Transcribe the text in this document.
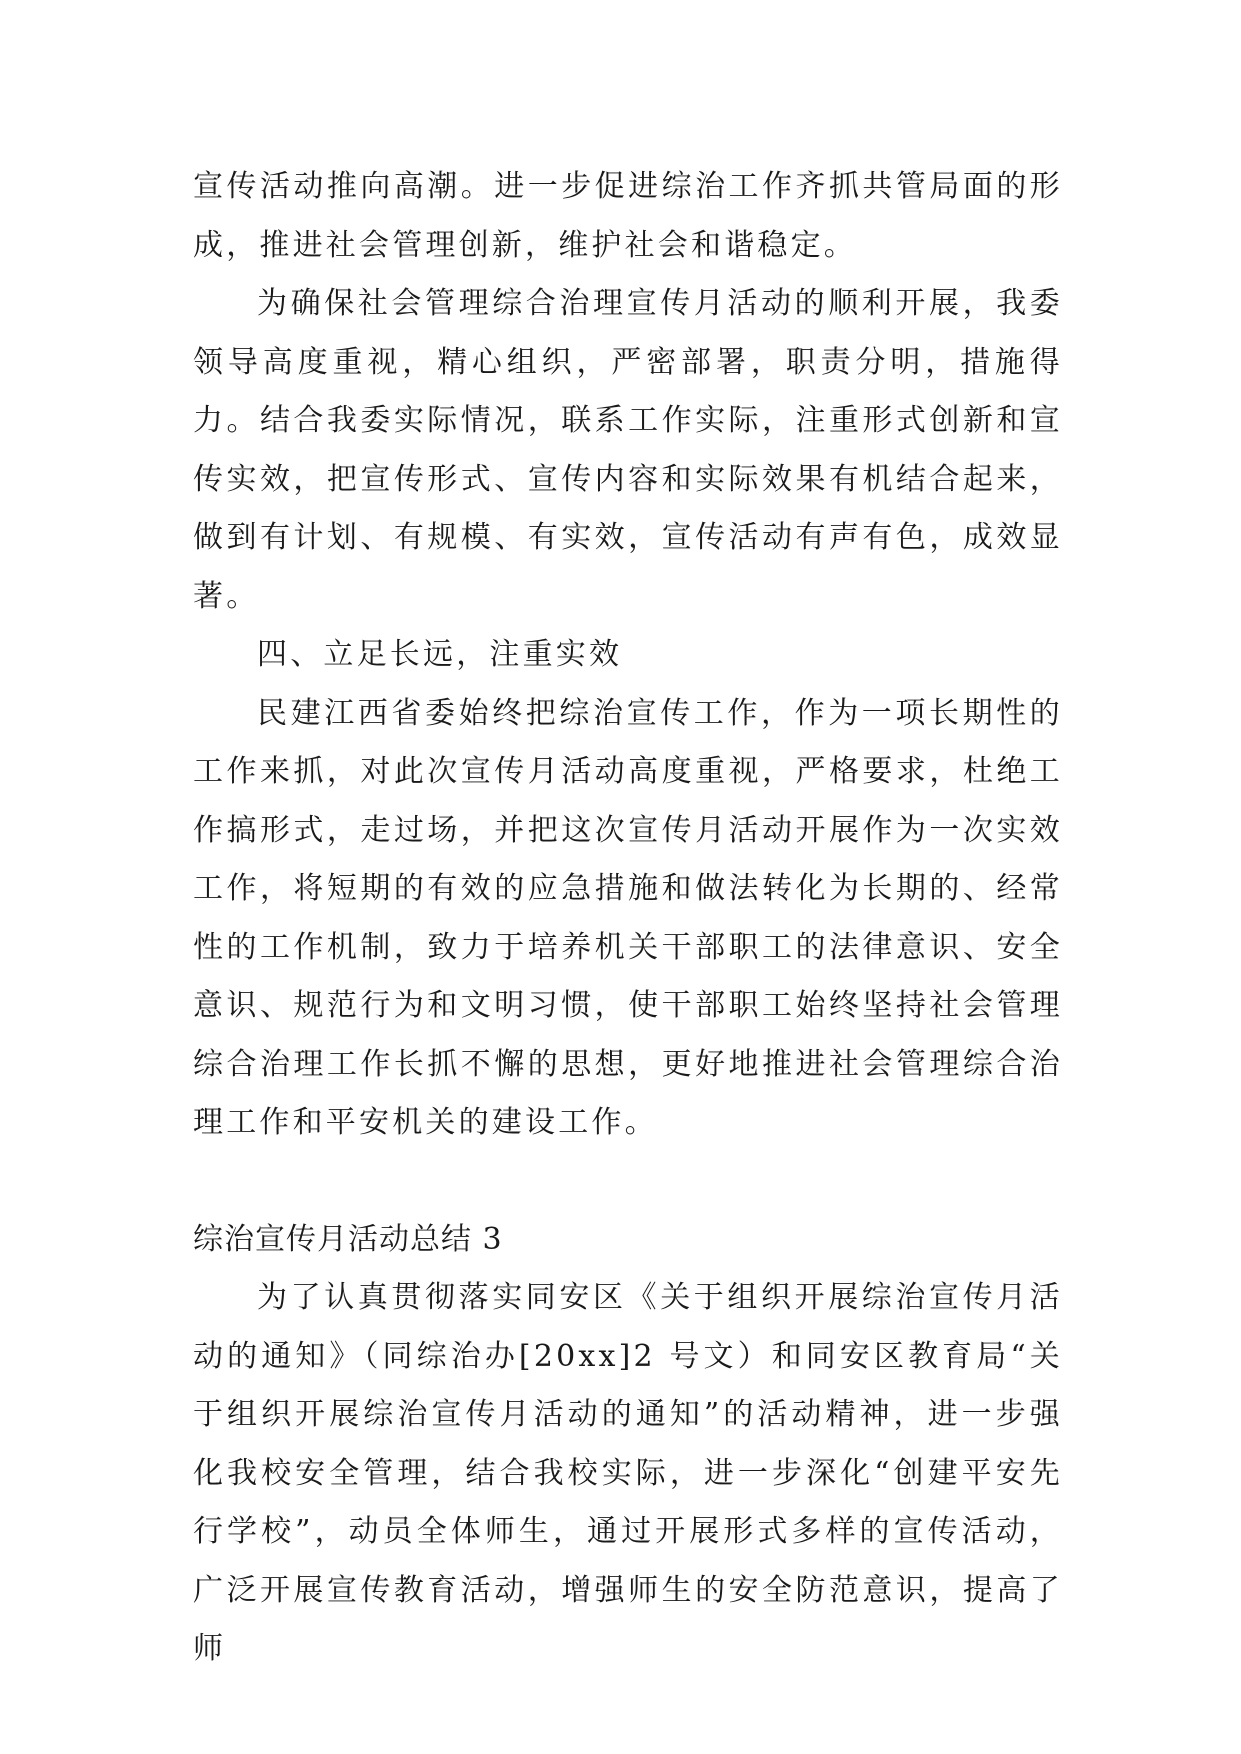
宣传活动推向高潮。进一步促进综治工作齐抓共管局面的形成，推进社会管理创新，维护社会和谐稳定。

为确保社会管理综合治理宣传月活动的顺利开展，我委领导高度重视，精心组织，严密部署，职责分明，措施得力。结合我委实际情况，联系工作实际，注重形式创新和宣传实效，把宣传形式、宣传内容和实际效果有机结合起来，做到有计划、有规模、有实效，宣传活动有声有色，成效显著。

四、立足长远，注重实效

民建江西省委始终把综治宣传工作，作为一项长期性的工作来抓，对此次宣传月活动高度重视，严格要求，杜绝工作搞形式，走过场，并把这次宣传月活动开展作为一次实效工作，将短期的有效的应急措施和做法转化为长期的、经常性的工作机制，致力于培养机关干部职工的法律意识、安全意识、规范行为和文明习惯，使干部职工始终坚持社会管理综合治理工作长抓不懈的思想，更好地推进社会管理综合治理工作和平安机关的建设工作。

综治宣传月活动总结 3

为了认真贯彻落实同安区《关于组织开展综治宣传月活动的通知》（同综治办[20xx]2 号文）和同安区教育局“关于组织开展综治宣传月活动的通知”的活动精神，进一步强化我校安全管理，结合我校实际，进一步深化“创建平安先行学校”，动员全体师生，通过开展形式多样的宣传活动，广泛开展宣传教育活动，增强师生的安全防范意识，提高了师
